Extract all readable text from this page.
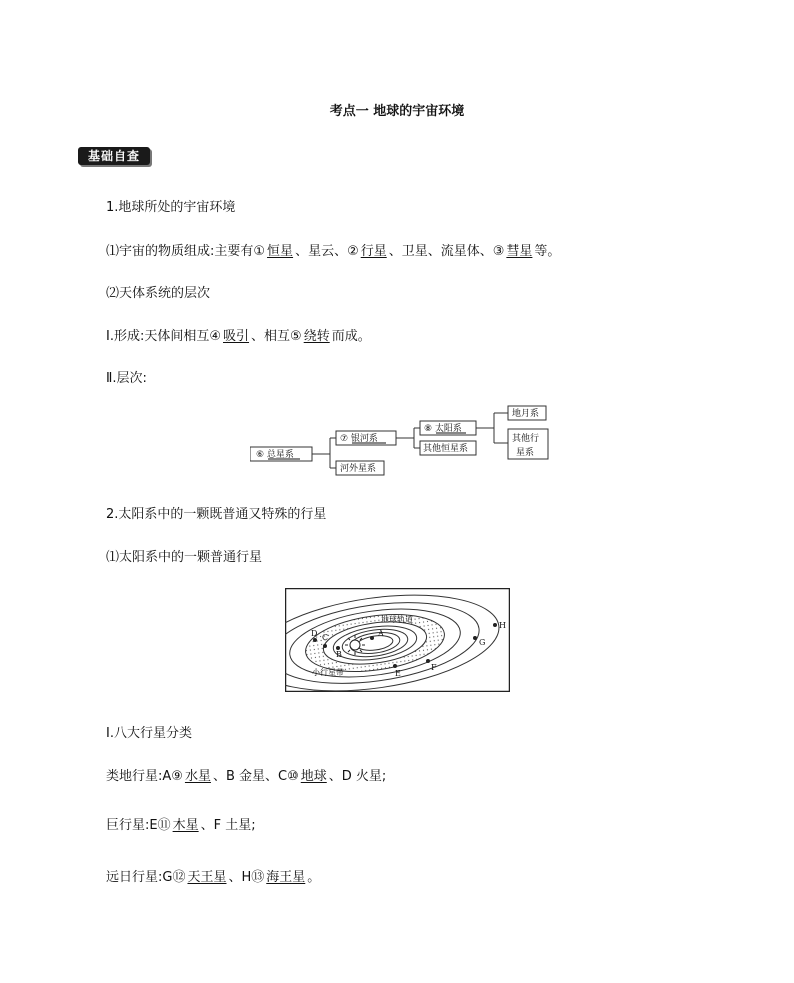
考点一 地球的宇宙环境
基础自查
1.地球所处的宇宙环境
⑴宇宙的物质组成:主要有① 恒星 、星云、② 行星 、卫星、流星体、③ 彗星 等。
⑵天体系统的层次
Ⅰ.形成:天体间相互④ 吸引 、相互⑤ 绕转 而成。
Ⅱ.层次:
⑥ 总星系
⑦ 银河系
河外星系
⑧ 太阳系
其他恒星系
地月系
其他行
星系
2.太阳系中的一颗既普通又特殊的行星
⑴太阳系中的一颗普通行星
A
B
C
D
E
F
G
H
地球轨道
小行星带
Ⅰ.八大行星分类
类地行星:A⑨ 水星 、B 金星、C⑩ 地球 、D 火星;
巨行星:E⑪ 木星 、F 土星;
远日行星:G⑫ 天王星 、H⑬ 海王星 。
